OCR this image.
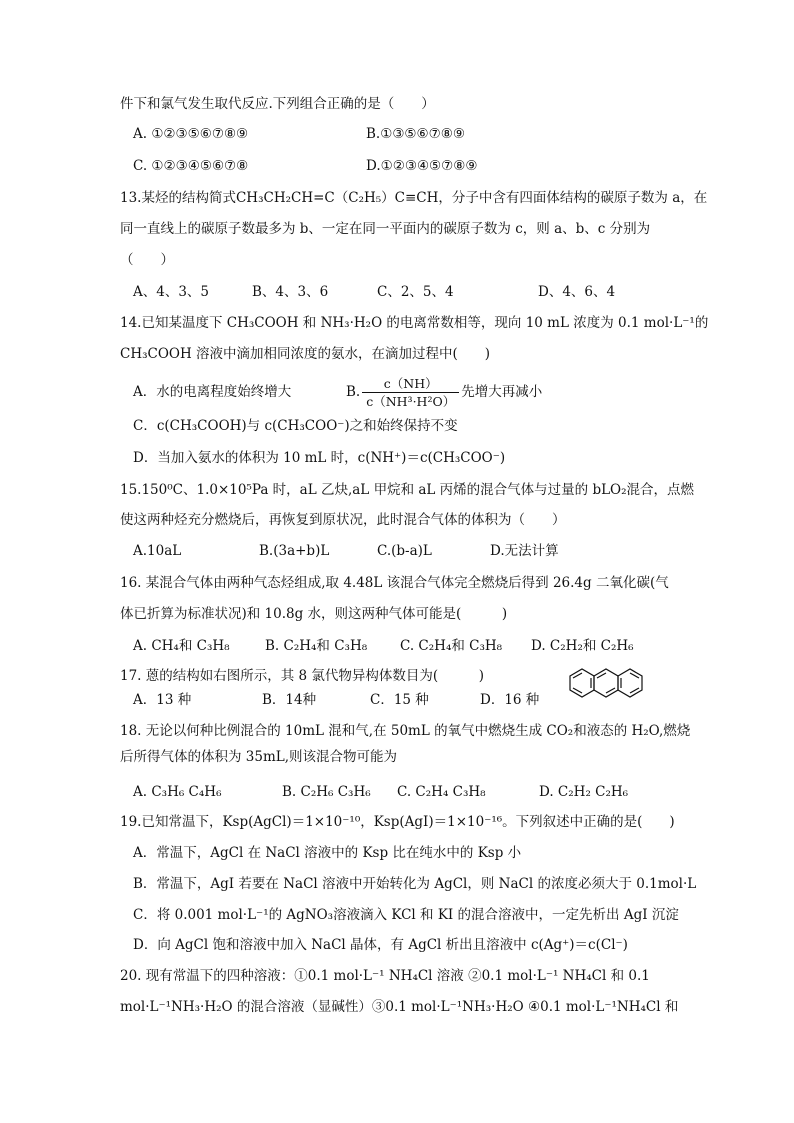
件下和氯气发生取代反应.下列组合正确的是（　　）
A. ①②③⑤⑥⑦⑧⑨	B.①③⑤⑥⑦⑧⑨
C. ①②③④⑤⑥⑦⑧	D.①②③④⑤⑦⑧⑨
13.某烃的结构简式CH₃CH₂CH=C（C₂H₅）C≡CH，分子中含有四面体结构的碳原子数为 a，在
同一直线上的碳原子数最多为 b、一定在同一平面内的碳原子数为 c，则 a、b、c 分别为
（　　）
A、4、3、5	B、4、3、6	C、2、5、4	D、4、6、4
14.已知某温度下 CH₃COOH 和 NH₃·H₂O 的电离常数相等，现向 10 mL 浓度为 0.1 mol·L⁻¹的
CH₃COOH 溶液中滴加相同浓度的氨水，在滴加过程中(　　)
A．水的电离程度始终增大	B. $\frac{c(NH)}{\text{c（NH³·H²O）}}$ 先增大再减小
C．c(CH₃COOH)与 c(CH₃COO⁻)之和始终保持不变
D．当加入氨水的体积为 10 mL 时，c(NH⁺)＝c(CH₃COO⁻)
15.150⁰C、1.0×10⁵Pa 时，aL 乙炔,aL 甲烷和 aL 丙烯的混合气体与过量的 bLO₂混合，点燃
使这两种烃充分燃烧后，再恢复到原状况，此时混合气体的体积为（　　）
A.10aL	B.(3a+b)L	C.(b-a)L	D.无法计算
16. 某混合气体由两种气态烃组成,取 4.48L 该混合气体完全燃烧后得到 26.4g 二氧化碳(气
体已折算为标准状况)和 10.8g 水，则这两种气体可能是(　　　)
A. CH₄和 C₃H₈	B. C₂H₄和 C₃H₈ C. C₂H₄和 C₃H₈ D. C₂H₂和 C₂H₆
17. 蒽的结构如右图所示，其 8 氯代物异构体数目为(　　　)
A．13 种	B．14种	C．15 种	D．16 种
18. 无论以何种比例混合的 10mL 混和气,在 50mL 的氧气中燃烧生成 CO₂和液态的 H₂O,燃烧
后所得气体的体积为 35mL,则该混合物可能为
A. C₃H₆ C₄H₆	B. C₂H₆ C₃H₆ C. C₂H₄ C₃H₈	D. C₂H₂ C₂H₆
19.已知常温下，Ksp(AgCl)＝1×10⁻¹⁰，Ksp(AgI)＝1×10⁻¹⁶。下列叙述中正确的是(　　)
A．常温下，AgCl 在 NaCl 溶液中的 Ksp 比在纯水中的 Ksp 小
B．常温下，AgI 若要在 NaCl 溶液中开始转化为 AgCl，则 NaCl 的浓度必须大于 0.1mol·L
C．将 0.001 mol·L⁻¹的 AgNO₃溶液滴入 KCl 和 KI 的混合溶液中，一定先析出 AgI 沉淀
D．向 AgCl 饱和溶液中加入 NaCl 晶体，有 AgCl 析出且溶液中 c(Ag⁺)＝c(Cl⁻)
20. 现有常温下的四种溶液：①0.1 mol·L⁻¹ NH₄Cl 溶液 ②0.1 mol·L⁻¹ NH₄Cl 和 0.1
mol·L⁻¹NH₃·H₂O 的混合溶液（显碱性）③0.1 mol·L⁻¹NH₃·H₂O ④0.1 mol·L⁻¹NH₄Cl 和
